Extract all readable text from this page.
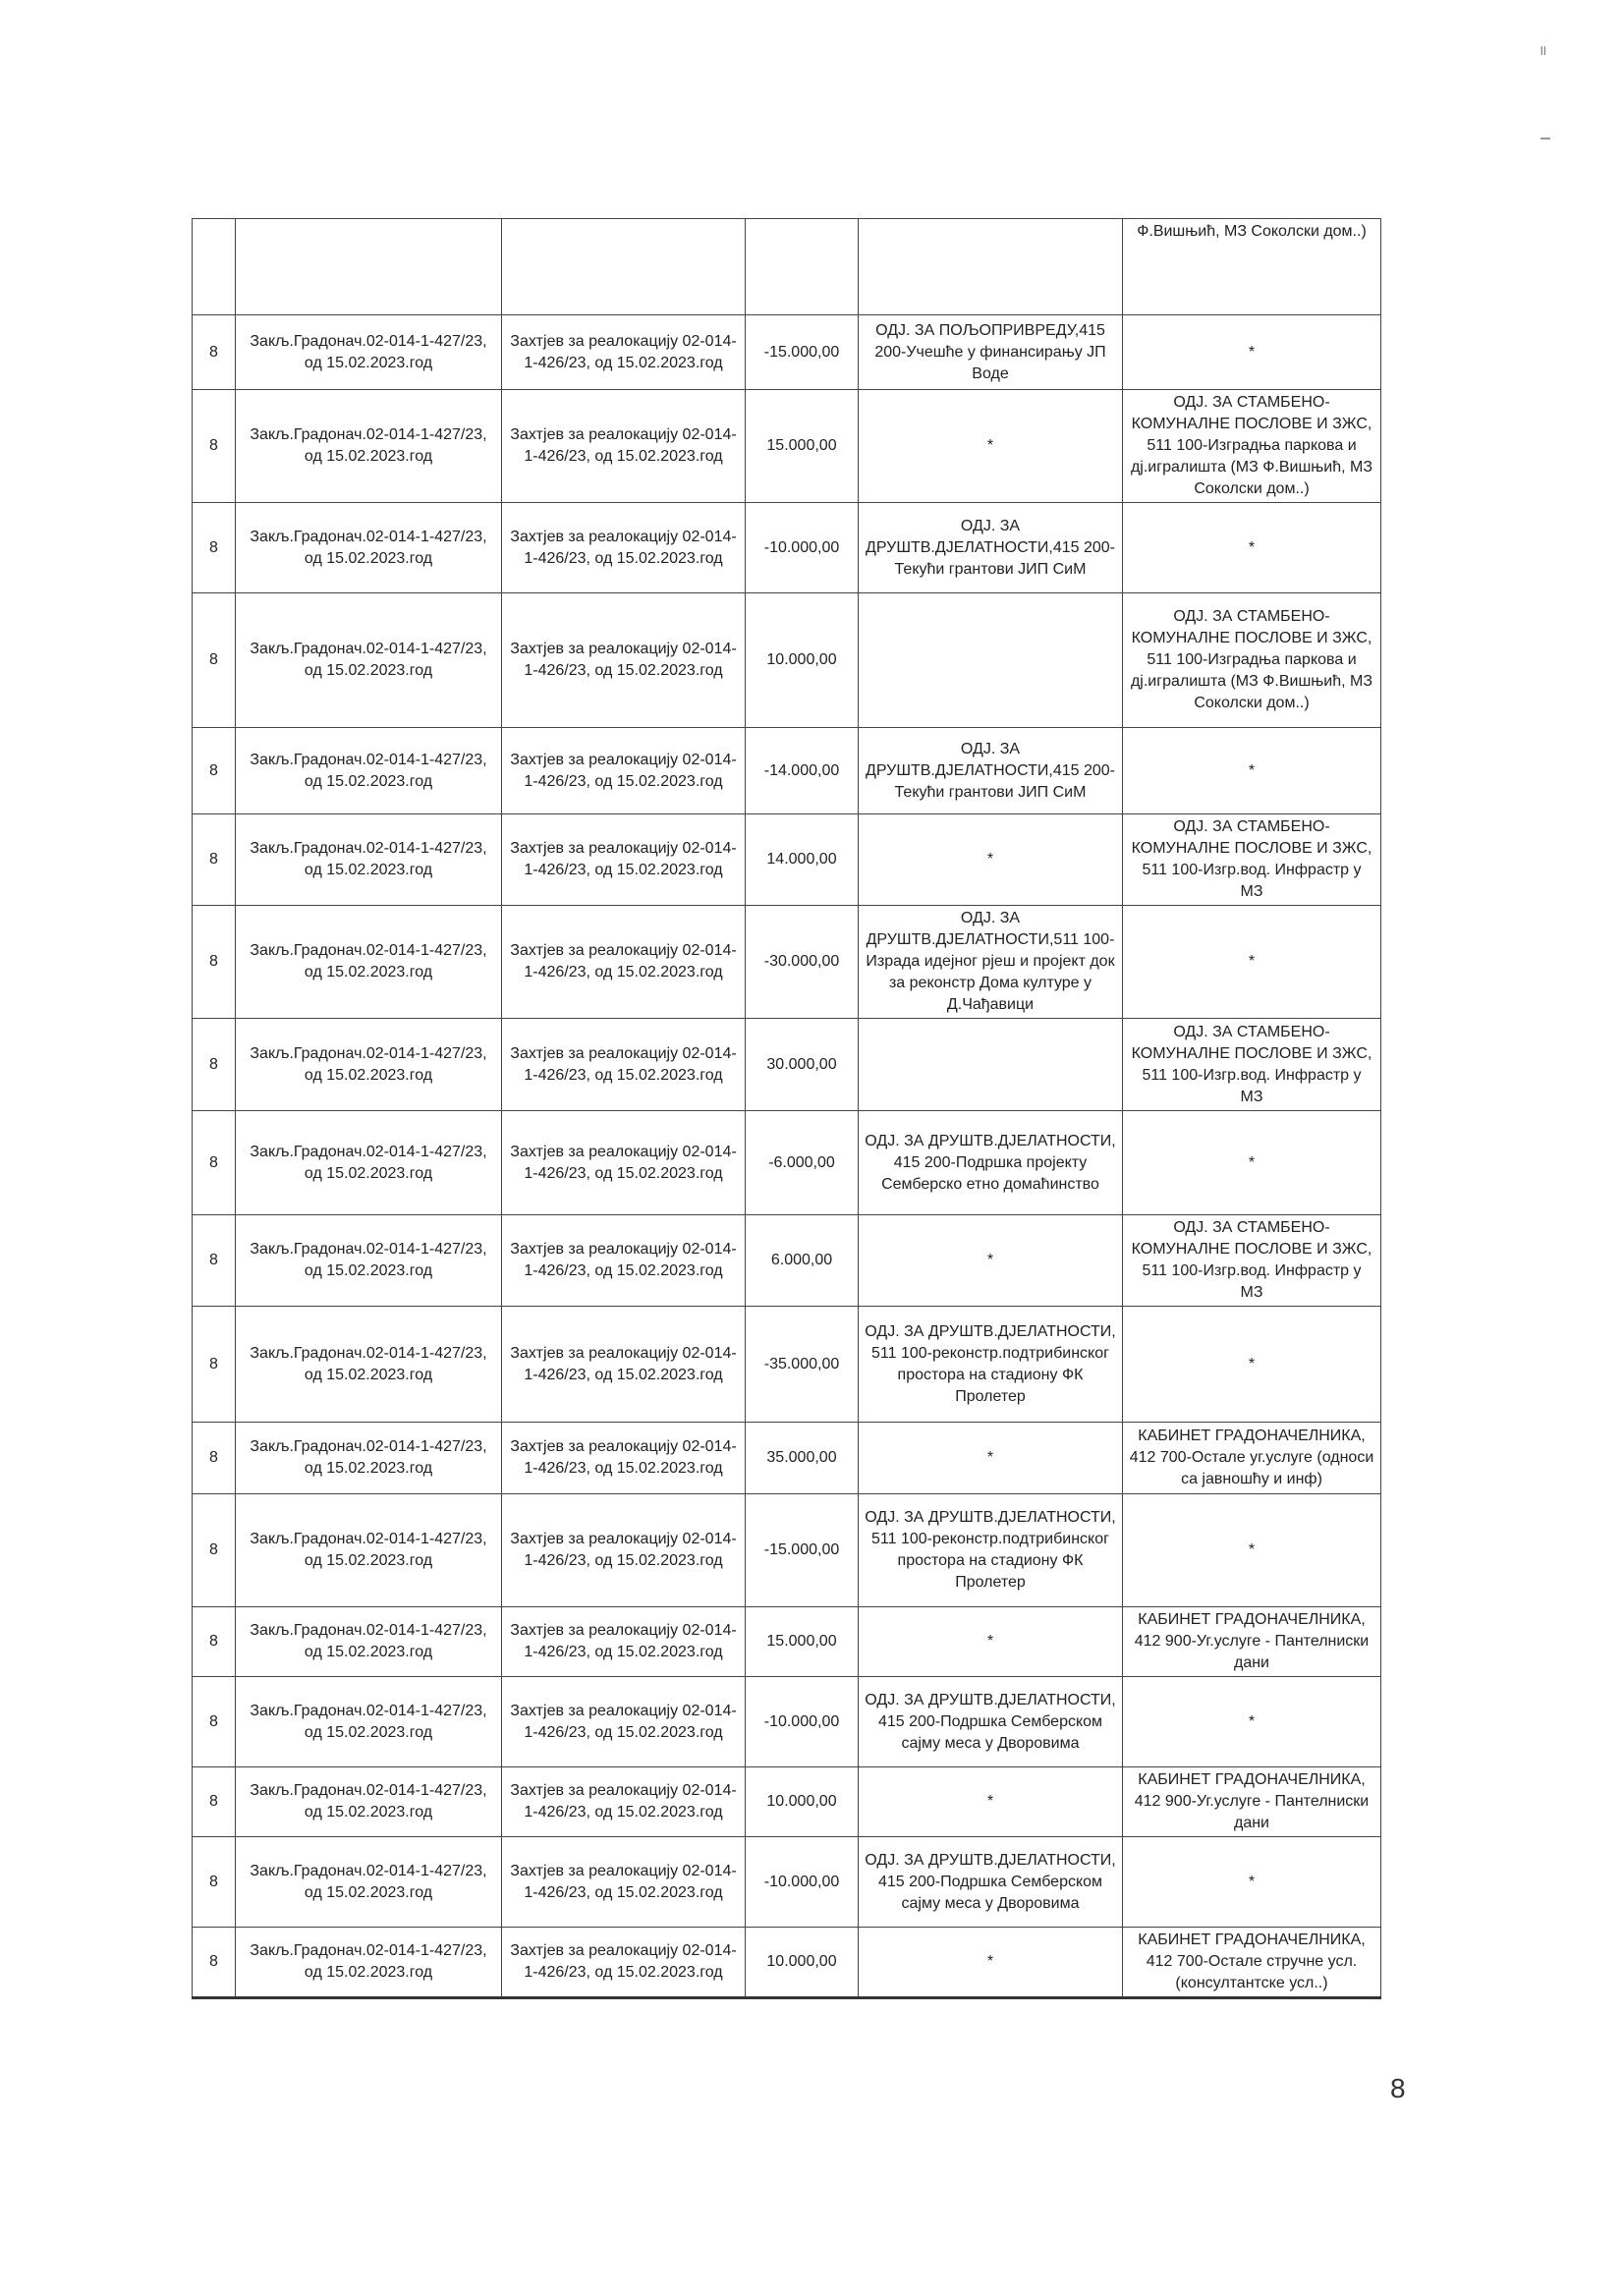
॥
					Ф.Вишњић, МЗ Соколски дом..)
8	Закљ.Градонач.02-014-1-427/23, од 15.02.2023.год	Захтјев за реалокацију 02-014-1-426/23, од 15.02.2023.год	-15.000,00	ОДЈ. ЗА ПОЉОПРИВРЕДУ,415 200-Учешће у финансирању ЈП Воде	*
8	Закљ.Градонач.02-014-1-427/23, од 15.02.2023.год	Захтјев за реалокацију 02-014-1-426/23, од 15.02.2023.год	15.000,00	*	ОДЈ. ЗА СТАМБЕНО-КОМУНАЛНЕ ПОСЛОВЕ И ЗЖС, 511 100-Изградња паркова и дј.игралишта (МЗ Ф.Вишњић, МЗ Соколски дом..)
8	Закљ.Градонач.02-014-1-427/23, од 15.02.2023.год	Захтјев за реалокацију 02-014-1-426/23, од 15.02.2023.год	-10.000,00	ОДЈ. ЗА ДРУШТВ.ДЈЕЛАТНОСТИ,415 200-Текући грантови ЈИП СиМ	*
8	Закљ.Градонач.02-014-1-427/23, од 15.02.2023.год	Захтјев за реалокацију 02-014-1-426/23, од 15.02.2023.год	10.000,00		ОДЈ. ЗА СТАМБЕНО-КОМУНАЛНЕ ПОСЛОВЕ И ЗЖС, 511 100-Изградња паркова и дј.игралишта (МЗ Ф.Вишњић, МЗ Соколски дом..)
8	Закљ.Градонач.02-014-1-427/23, од 15.02.2023.год	Захтјев за реалокацију 02-014-1-426/23, од 15.02.2023.год	-14.000,00	ОДЈ. ЗА ДРУШТВ.ДЈЕЛАТНОСТИ,415 200-Текући грантови ЈИП СиМ	*
8	Закљ.Градонач.02-014-1-427/23, од 15.02.2023.год	Захтјев за реалокацију 02-014-1-426/23, од 15.02.2023.год	14.000,00	*	ОДЈ. ЗА СТАМБЕНО-КОМУНАЛНЕ ПОСЛОВЕ И ЗЖС, 511 100-Изгр.вод. Инфрастр у МЗ
8	Закљ.Градонач.02-014-1-427/23, од 15.02.2023.год	Захтјев за реалокацију 02-014-1-426/23, од 15.02.2023.год	-30.000,00	ОДЈ. ЗА ДРУШТВ.ДЈЕЛАТНОСТИ,511 100-Израда идејног рјеш и пројект док за реконстр Дома културе у Д.Чађавици	*
8	Закљ.Градонач.02-014-1-427/23, од 15.02.2023.год	Захтјев за реалокацију 02-014-1-426/23, од 15.02.2023.год	30.000,00		ОДЈ. ЗА СТАМБЕНО-КОМУНАЛНЕ ПОСЛОВЕ И ЗЖС, 511 100-Изгр.вод. Инфрастр у МЗ
8	Закљ.Градонач.02-014-1-427/23, од 15.02.2023.год	Захтјев за реалокацију 02-014-1-426/23, од 15.02.2023.год	-6.000,00	ОДЈ. ЗА ДРУШТВ.ДЈЕЛАТНОСТИ, 415 200-Подршка пројекту Семберско етно домаћинство	*
8	Закљ.Градонач.02-014-1-427/23, од 15.02.2023.год	Захтјев за реалокацију 02-014-1-426/23, од 15.02.2023.год	6.000,00	*	ОДЈ. ЗА СТАМБЕНО-КОМУНАЛНЕ ПОСЛОВЕ И ЗЖС, 511 100-Изгр.вод. Инфрастр у МЗ
8	Закљ.Градонач.02-014-1-427/23, од 15.02.2023.год	Захтјев за реалокацију 02-014-1-426/23, од 15.02.2023.год	-35.000,00	ОДЈ. ЗА ДРУШТВ.ДЈЕЛАТНОСТИ, 511 100-реконстр.подтрибинског простора на стадиону ФК Пролетер	*
8	Закљ.Градонач.02-014-1-427/23, од 15.02.2023.год	Захтјев за реалокацију 02-014-1-426/23, од 15.02.2023.год	35.000,00	*	КАБИНЕТ ГРАДОНАЧЕЛНИКА, 412 700-Остале уг.услуге (односи са јавношћу и инф)
8	Закљ.Градонач.02-014-1-427/23, од 15.02.2023.год	Захтјев за реалокацију 02-014-1-426/23, од 15.02.2023.год	-15.000,00	ОДЈ. ЗА ДРУШТВ.ДЈЕЛАТНОСТИ, 511 100-реконстр.подтрибинског простора на стадиону ФК Пролетер	*
8	Закљ.Градонач.02-014-1-427/23, од 15.02.2023.год	Захтјев за реалокацију 02-014-1-426/23, од 15.02.2023.год	15.000,00	*	КАБИНЕТ ГРАДОНАЧЕЛНИКА, 412 900-Уг.услуге - Пантелниски дани
8	Закљ.Градонач.02-014-1-427/23, од 15.02.2023.год	Захтјев за реалокацију 02-014-1-426/23, од 15.02.2023.год	-10.000,00	ОДЈ. ЗА ДРУШТВ.ДЈЕЛАТНОСТИ, 415 200-Подршка Семберском сајму меса у Дворовима	*
8	Закљ.Градонач.02-014-1-427/23, од 15.02.2023.год	Захтјев за реалокацију 02-014-1-426/23, од 15.02.2023.год	10.000,00	*	КАБИНЕТ ГРАДОНАЧЕЛНИКА, 412 900-Уг.услуге - Пантелниски дани
8	Закљ.Градонач.02-014-1-427/23, од 15.02.2023.год	Захтјев за реалокацију 02-014-1-426/23, од 15.02.2023.год	-10.000,00	ОДЈ. ЗА ДРУШТВ.ДЈЕЛАТНОСТИ, 415 200-Подршка Семберском сајму меса у Дворовима	*
8	Закљ.Градонач.02-014-1-427/23, од 15.02.2023.год	Захтјев за реалокацију 02-014-1-426/23, од 15.02.2023.год	10.000,00	*	КАБИНЕТ ГРАДОНАЧЕЛНИКА, 412 700-Остале стручне усл.(консултантске усл..)
8
